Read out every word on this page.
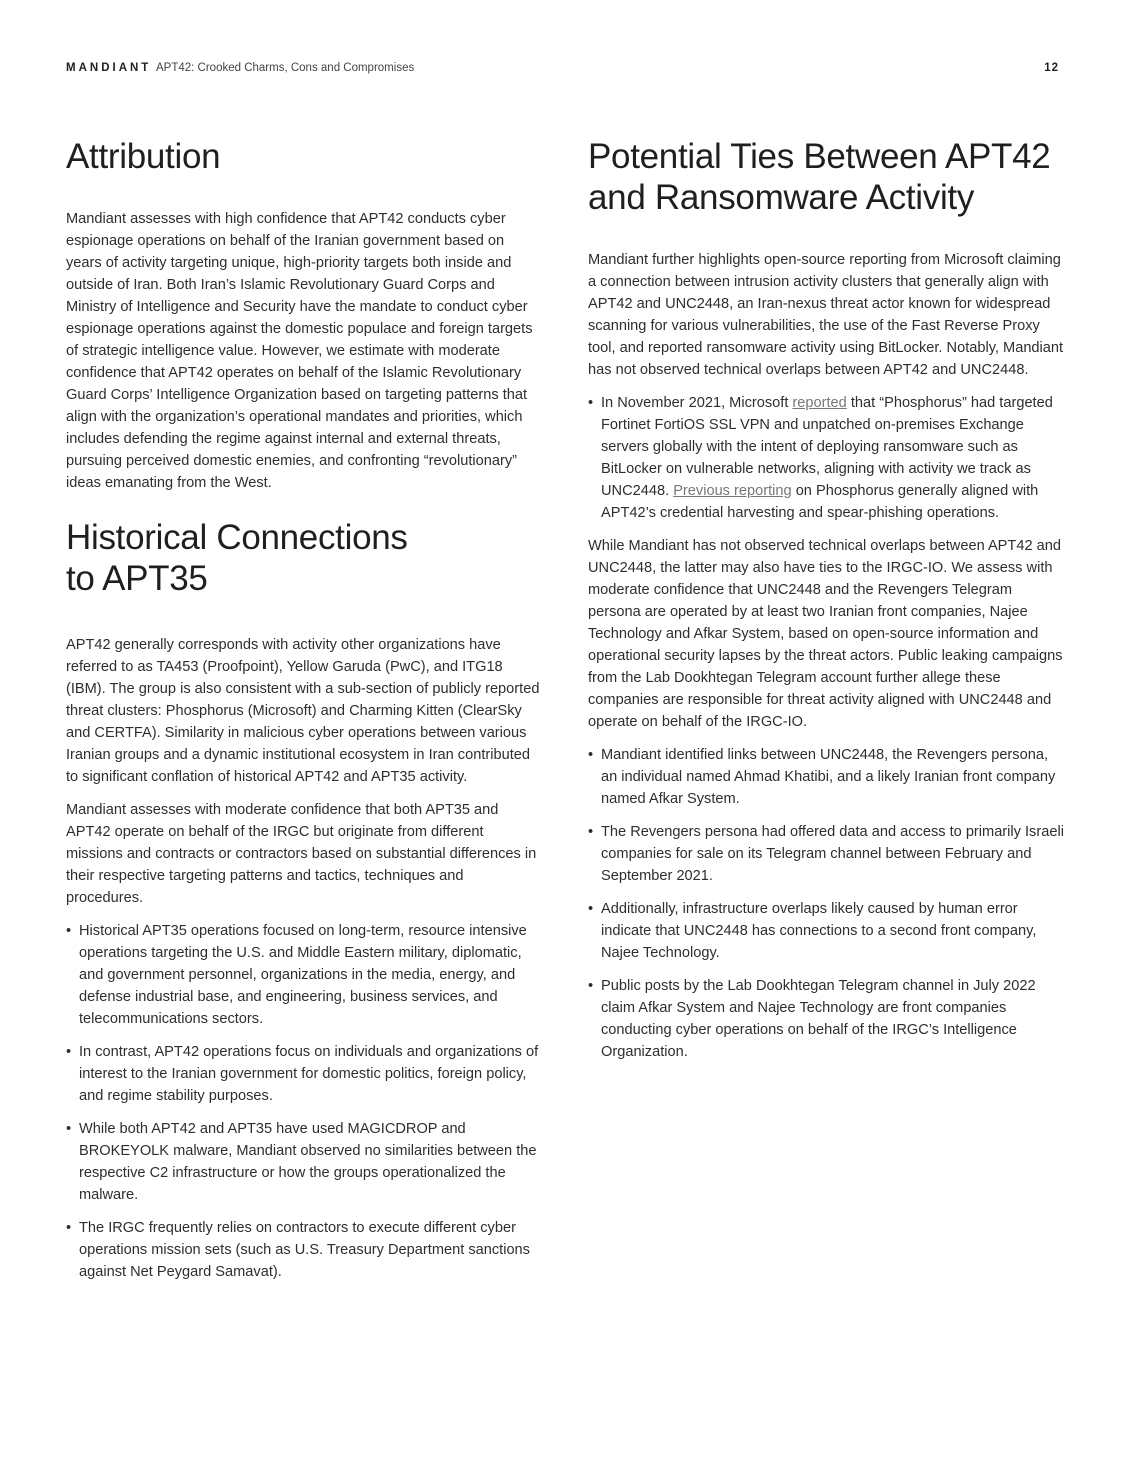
MANDIANT APT42: Crooked Charms, Cons and Compromises	12
Attribution

Mandiant assesses with high confidence that APT42 conducts cyber espionage operations on behalf of the Iranian government based on years of activity targeting unique, high-priority targets both inside and outside of Iran. Both Iran’s Islamic Revolutionary Guard Corps and Ministry of Intelligence and Security have the mandate to conduct cyber espionage operations against the domestic populace and foreign targets of strategic intelligence value. However, we estimate with moderate confidence that APT42 operates on behalf of the Islamic Revolutionary Guard Corps’ Intelligence Organization based on targeting patterns that align with the organization’s operational mandates and priorities, which includes defending the regime against internal and external threats, pursuing perceived domestic enemies, and confronting “revolutionary” ideas emanating from the West.

Historical Connections
to APT35

APT42 generally corresponds with activity other organizations have referred to as TA453 (Proofpoint), Yellow Garuda (PwC), and ITG18 (IBM). The group is also consistent with a sub-section of publicly reported threat clusters: Phosphorus (Microsoft) and Charming Kitten (ClearSky and CERTFA). Similarity in malicious cyber operations between various Iranian groups and a dynamic institutional ecosystem in Iran contributed to significant conflation of historical APT42 and APT35 activity.

Mandiant assesses with moderate confidence that both APT35 and APT42 operate on behalf of the IRGC but originate from different missions and contracts or contractors based on substantial differences in their respective targeting patterns and tactics, techniques and procedures.

• Historical APT35 operations focused on long-term, resource intensive operations targeting the U.S. and Middle Eastern military, diplomatic, and government personnel, organizations in the media, energy, and defense industrial base, and engineering, business services, and telecommunications sectors.
• In contrast, APT42 operations focus on individuals and organizations of interest to the Iranian government for domestic politics, foreign policy, and regime stability purposes.
• While both APT42 and APT35 have used MAGICDROP and BROKEYOLK malware, Mandiant observed no similarities between the respective C2 infrastructure or how the groups operationalized the malware.
• The IRGC frequently relies on contractors to execute different cyber operations mission sets (such as U.S. Treasury Department sanctions against Net Peygard Samavat).
Potential Ties Between APT42
and Ransomware Activity

Mandiant further highlights open-source reporting from Microsoft claiming a connection between intrusion activity clusters that generally align with APT42 and UNC2448, an Iran-nexus threat actor known for widespread scanning for various vulnerabilities, the use of the Fast Reverse Proxy tool, and reported ransomware activity using BitLocker. Notably, Mandiant has not observed technical overlaps between APT42 and UNC2448.

• In November 2021, Microsoft reported that “Phosphorus” had targeted Fortinet FortiOS SSL VPN and unpatched on-premises Exchange servers globally with the intent of deploying ransomware such as BitLocker on vulnerable networks, aligning with activity we track as UNC2448. Previous reporting on Phosphorus generally aligned with APT42’s credential harvesting and spear-phishing operations.

While Mandiant has not observed technical overlaps between APT42 and UNC2448, the latter may also have ties to the IRGC-IO. We assess with moderate confidence that UNC2448 and the Revengers Telegram persona are operated by at least two Iranian front companies, Najee Technology and Afkar System, based on open-source information and operational security lapses by the threat actors. Public leaking campaigns from the Lab Dookhtegan Telegram account further allege these companies are responsible for threat activity aligned with UNC2448 and operate on behalf of the IRGC-IO.

• Mandiant identified links between UNC2448, the Revengers persona, an individual named Ahmad Khatibi, and a likely Iranian front company named Afkar System.
• The Revengers persona had offered data and access to primarily Israeli companies for sale on its Telegram channel between February and September 2021.
• Additionally, infrastructure overlaps likely caused by human error indicate that UNC2448 has connections to a second front company, Najee Technology.
• Public posts by the Lab Dookhtegan Telegram channel in July 2022 claim Afkar System and Najee Technology are front companies conducting cyber operations on behalf of the IRGC’s Intelligence Organization.
